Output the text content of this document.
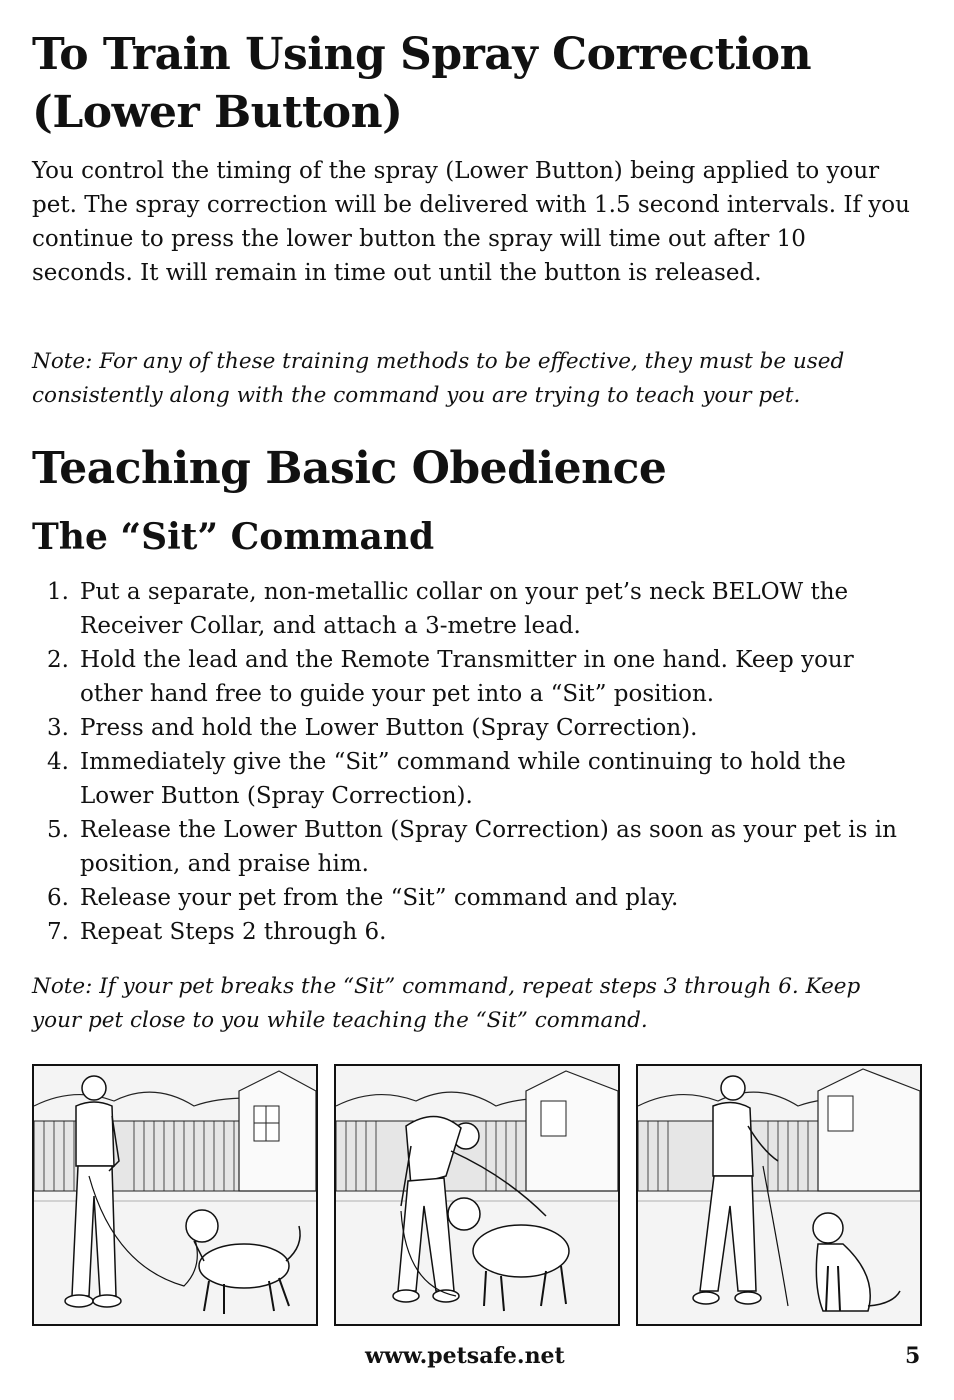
To Train Using Spray Correction
(Lower Button)

You control the timing of the spray (Lower Button) being applied to your pet. The spray correction will be delivered with 1.5 second intervals. If you continue to press the lower button the spray will time out after 10 seconds. It will remain in time out until the button is released.

Note: For any of these training methods to be effective, they must be used consistently along with the command you are trying to teach your pet.

Teaching Basic Obedience
The “Sit” Command
1. Put a separate, non-metallic collar on your pet’s neck BELOW the Receiver Collar, and attach a 3-metre lead.
2. Hold the lead and the Remote Transmitter in one hand. Keep your other hand free to guide your pet into a “Sit” position.
3. Press and hold the Lower Button (Spray Correction).
4. Immediately give the “Sit” command while continuing to hold the Lower Button (Spray Correction).
5. Release the Lower Button (Spray Correction) as soon as your pet is in position, and praise him.
6. Release your pet from the “Sit” command and play.
7. Repeat Steps 2 through 6.

Note: If your pet breaks the “Sit” command, repeat steps 3 through 6. Keep your pet close to you while teaching the “Sit” command.

www.petsafe.net	5
